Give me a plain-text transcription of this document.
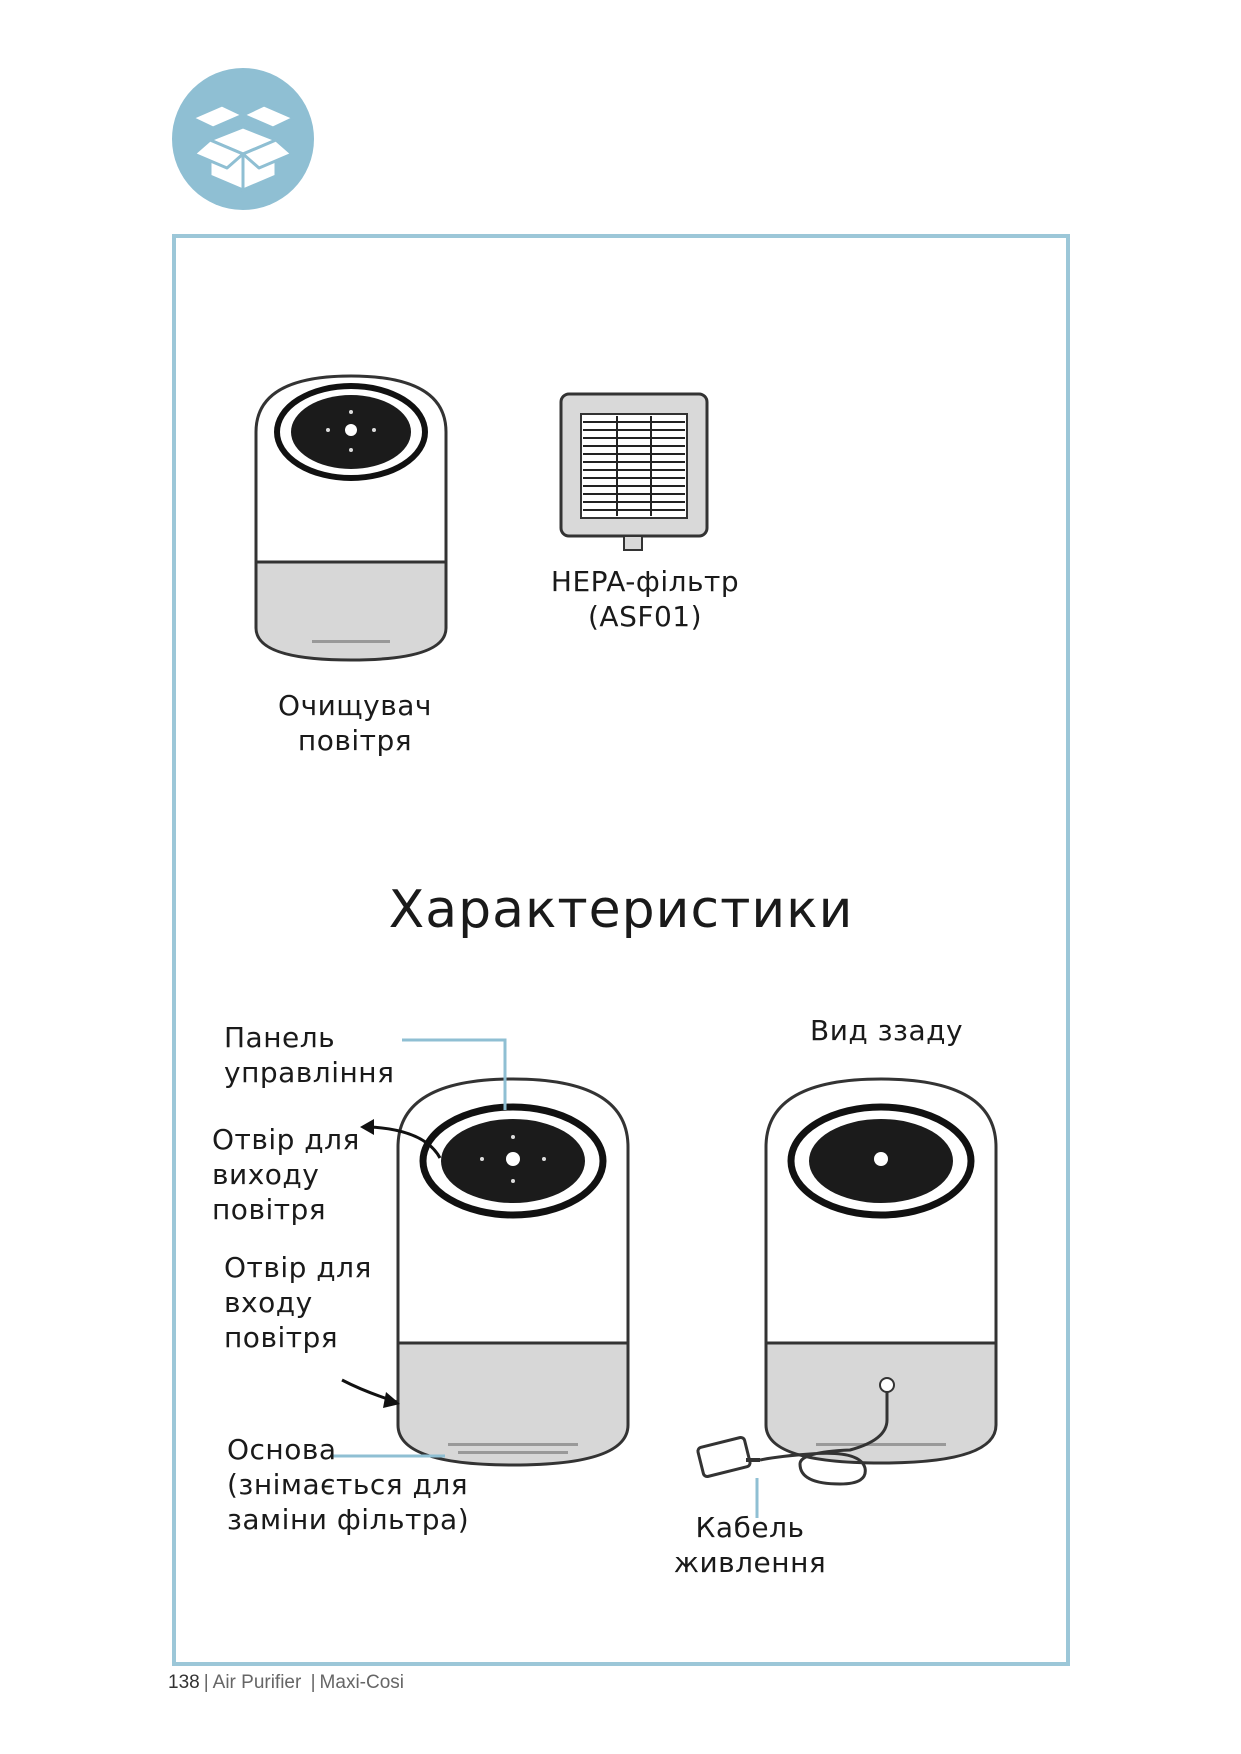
HEPA-фільтр
(ASF01)
Очищувач
повітря
Характеристики
Панель
управління
Отвір для
виходу
повітря
Отвір для
входу
повітря
Основа
(знімається для
заміни фільтра)
Вид ззаду
Кабель
живлення
138 | Air Purifier | Maxi-Cosi
